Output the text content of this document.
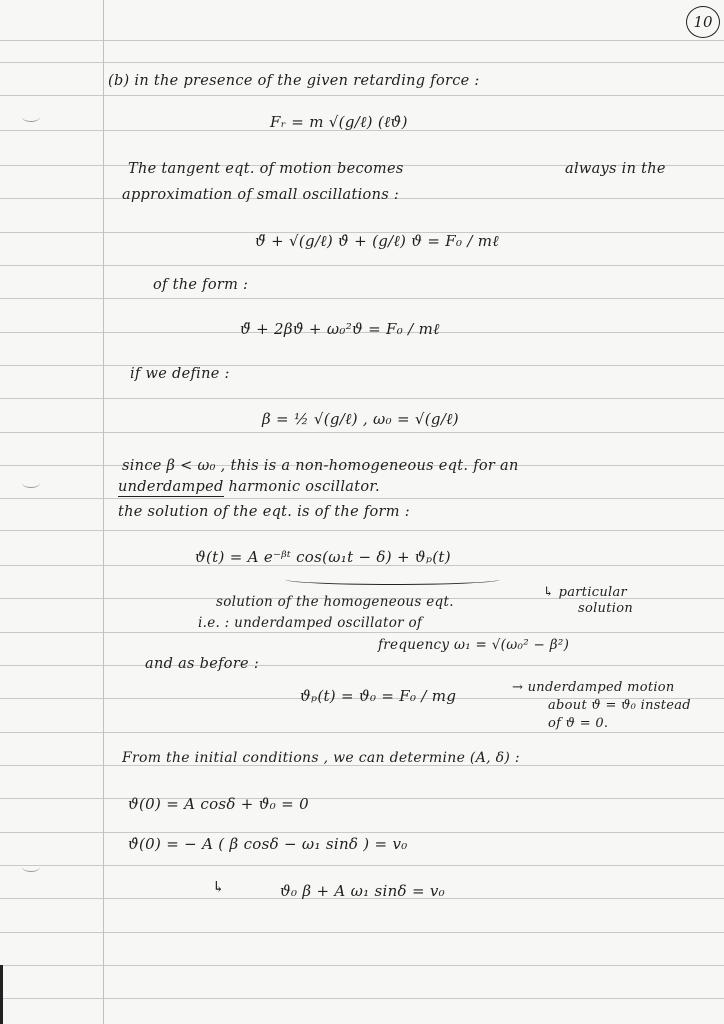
10
(b) in the presence of the given retarding force :
Fᵣ = m √(g/ℓ) (ℓϑ̇)
The tangent eqt. of motion becomes	always in the
approximation of small oscillations :
ϑ̈ + √(g/ℓ) ϑ̇ + (g/ℓ) ϑ = F₀ / mℓ
of the form :
ϑ̈ + 2βϑ̇ + ω₀²ϑ = F₀ / mℓ
if we define :
β = ½ √(g/ℓ) , ω₀ = √(g/ℓ)
since β < ω₀ , this is a non-homogeneous eqt. for an
underdamped harmonic oscillator.
the solution of the eqt. is of the form :
ϑ(t) = A e⁻ᵝᵗ cos(ω₁t − δ) + ϑₚ(t)
↳ particular
solution
solution of the homogeneous eqt.
i.e. : underdamped oscillator of
frequency ω₁ = √(ω₀² − β²)
and as before :
ϑₚ(t) = ϑ₀ = F₀ / mg	→ underdamped motion
about ϑ = ϑ₀ instead
of ϑ = 0.
From the initial conditions , we can determine (A, δ) :
ϑ(0) = A cosδ + ϑ₀ = 0
ϑ̇(0) = − A ( β cosδ − ω₁ sinδ ) = v₀
↳	ϑ₀ β + A ω₁ sinδ = v₀
